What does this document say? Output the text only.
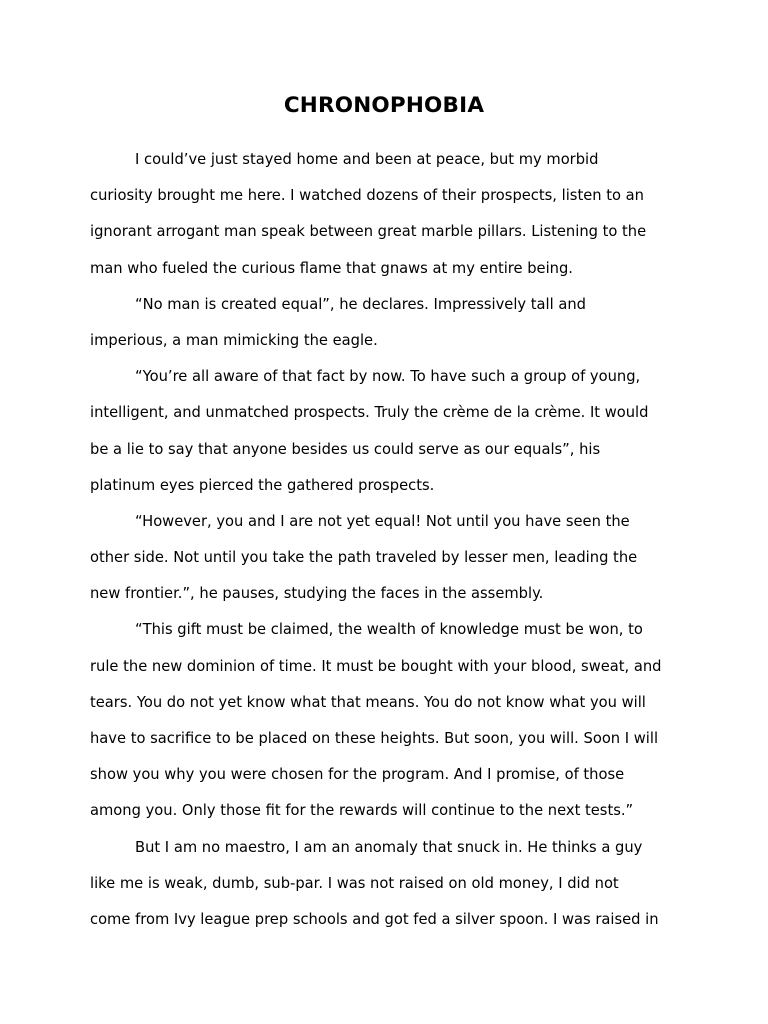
CHRONOPHOBIA
I could’ve just stayed home and been at peace, but my morbid
curiosity brought me here. I watched dozens of their prospects, listen to an
ignorant arrogant man speak between great marble pillars. Listening to the
man who fueled the curious flame that gnaws at my entire being.
“No man is created equal”, he declares. Impressively tall and
imperious, a man mimicking the eagle.
“You’re all aware of that fact by now. To have such a group of young,
intelligent, and unmatched prospects. Truly the crème de la crème. It would
be a lie to say that anyone besides us could serve as our equals”, his
platinum eyes pierced the gathered prospects.
“However, you and I are not yet equal! Not until you have seen the
other side. Not until you take the path traveled by lesser men, leading the
new frontier.”, he pauses, studying the faces in the assembly.
“This gift must be claimed, the wealth of knowledge must be won, to
rule the new dominion of time. It must be bought with your blood, sweat, and
tears. You do not yet know what that means. You do not know what you will
have to sacrifice to be placed on these heights. But soon, you will. Soon I will
show you why you were chosen for the program. And I promise, of those
among you. Only those fit for the rewards will continue to the next tests.”
But I am no maestro, I am an anomaly that snuck in. He thinks a guy
like me is weak, dumb, sub-par. I was not raised on old money, I did not
come from Ivy league prep schools and got fed a silver spoon. I was raised in
